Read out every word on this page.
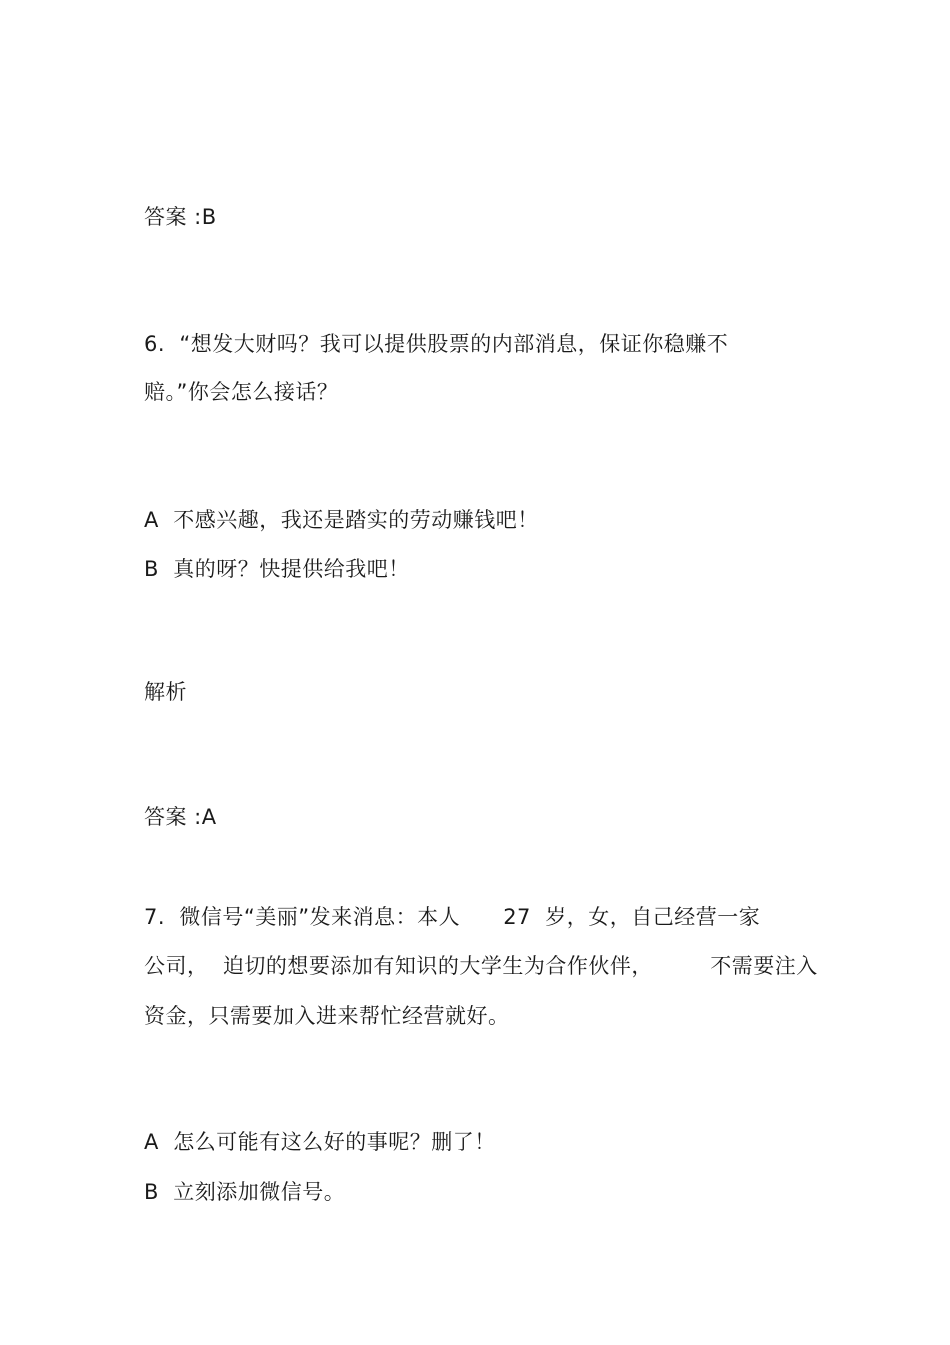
答案 :B
6.  “想发大财吗？我可以提供股票的内部消息，保证你稳赚不
赔。”你会怎么接话？
A  不感兴趣，我还是踏实的劳动赚钱吧！
B  真的呀？快提供给我吧！
解析
答案 :A
7.  微信号“美丽”发来消息：本人      27  岁，女，自己经营一家
公司，  迫切的想要添加有知识的大学生为合作伙伴，        不需要注入
资金，只需要加入进来帮忙经营就好。
A  怎么可能有这么好的事呢？删了！
B  立刻添加微信号。
